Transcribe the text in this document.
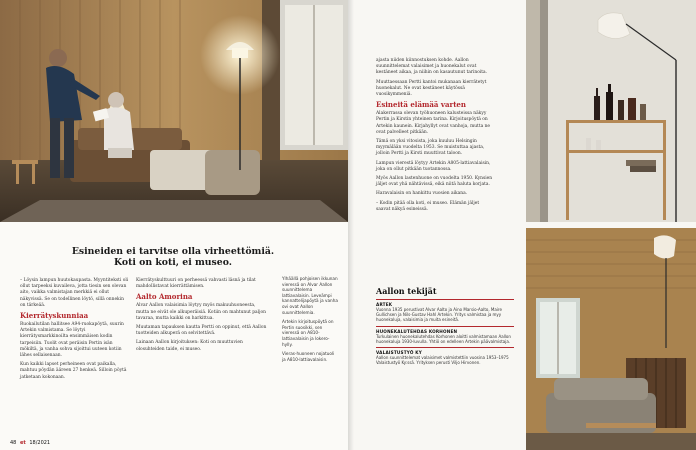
Esineiden ei tarvitse olla virheettömiä.
Koti on koti, ei museo.

– Löysin lampun huutokaupasta. Myyntiteksti oli ollut tarpeeksi kuvaileva, jotta tiesin sen olevan aito, vaikka valmistajan merkkiä ei ollut näkyvissä. Se on todellinen löytö, sillä onnekin on tärkeää.

Kierrätyskunniaa

Ruokailutilan hallitsee A94-ruokapöytä, suurin Artekin valmistama. Se löytyi kierrätysmarkkinoilta ensimmäisen kodin tarpeisiin. Tuolit ovat peräisin Pertin isän mökiltä, ja vanha sohva sijoittui uuteen kotiin lähes sellaisenaan.

Kun kaikki lapset perheineen ovat paikalla, mahtuu pöydän ääreen 27 henkeä. Silloin pöytä jatketaan kokonaan.

Kierrätyskulttuuri on perheessä vahvasti läsnä ja tilat mahdollistavat kierrättämisen.

Aalto Amorina

Alvar Aallon valaisimia löytyy myös makuuhuoneesta, mutta ne eivät ole alkuperäisiä. Kotiin on mahtunut paljon tavaraa, mutta kaikki on harkittua.

Muutaman tapauksen kautta Pertti on oppinut, että Aallon tuotteiden alkuperä on selvitettävä.

Lainaan Aallon kirjoituksen: Koti on muuttuvien olosuhteiden taide, ei museo.

Ylhäällä pohjoisen ikkunan vieressä on Alvar Aallon suunnittelema lattiavalaisin. Leveämpi kannattelijapöytä ja vanha ovi ovat Aallon suunnittelemia.

Artekin kirjoituspöytä on Pertin suosikki, sen vieressä on A810-lattiavalaisin ja lokero-hylly.

Vieras-huoneen nojatuoli ja A810-lattiavalaisin.

48 et 18/2021

ajasta niiden kiinnostuksen kohde. Aallon suunnittelemat valaisimet ja huonekalut ovat kestäneet aikaa, ja niihin on kasautunut tarinoita.

Muuttaessaan Pertti kantoi mukanaan kierrätetyt huonekalut. Ne ovat kestäneet käytössä vuosikymmeniä.

Esineitä elämää varten

Alakerrassa olevan työhuoneen kalusteissa näkyy Pertin ja Kirstin yhteinen tarina. Kirjoituspöytä on Artekin kaunein. Kirjahyllyt ovat vanhoja, mutta ne ovat palvelleet pitkään.

Tämä on yksi vitosista, joka kuuluu Helsingin myymälään vuodelta 1953. Se muistuttaa ajasta, jolloin Pertti ja Kirsti muuttivat taloon.

Lampun vierestä löytyy Artekin A805-lattiavalaisin, joka on ollut pitkään tuotannossa.

Myös Aallon lastenhuone on vuodelta 1950. Kynsien jäljet ovat yhä nähtävissä, eikä niitä haluta korjata.

Haravalaisin on hankittu vuosien aikana.

– Kodin pitää olla koti, ei museo. Elämän jäljet saavat näkyä esineissä.

Aallon tekijät
ARTEK

Vuonna 1935 perustivat Alvar Aalto ja Aino Marsio-Aalto, Maire Gullichsen ja Nils-Gustav Hahl Artekin. Yritys valmistaa ja myy huonekaluja, valaisimia ja muita esineitä.

HUONEKALUTEHDAS KORHONEN

Turkulainen huonekalutehdas Korhonen aloitti valmistamaan Aallon huonekaluja 1930-luvulla. Yhtiö on edelleen Artekin päävalmistaja.

VALAISTUSTYÖ KY

Aallon suunnittelemat valaisimet valmistettiin vuosina 1953–1975 Valaistustyö Ky:ssä. Yrityksen perusti Viljo Hirvonen.
